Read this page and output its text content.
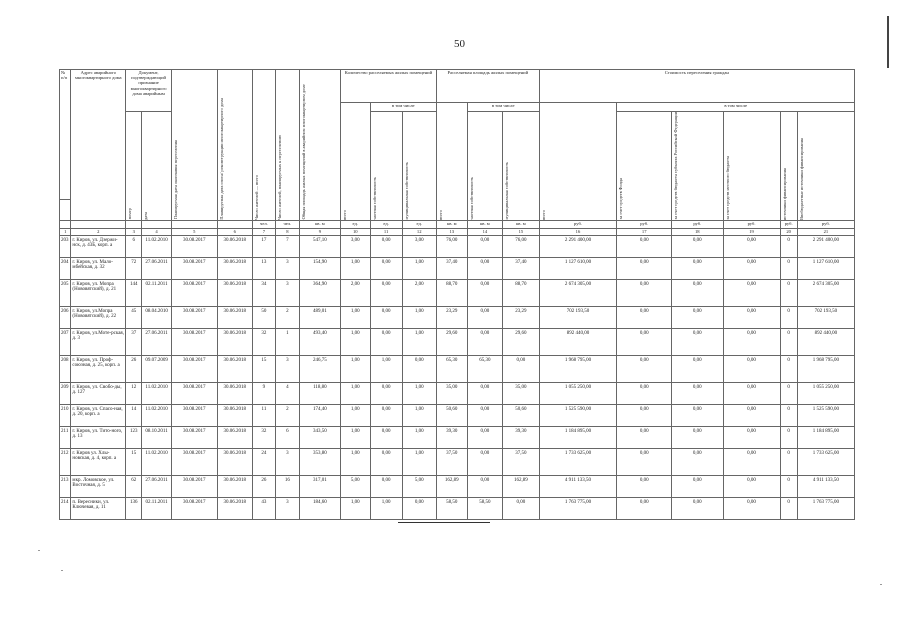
50
№ п/п	Адрес аварийного многоквартирного дома	Документ, подтверждающий признание многоквартирного дома аварийным		Планируемая дата окончания переселения	Планируемая дата сноса/ реконструкции многоквартирного дома	Число жителей — всего	Число жителей, планируемых к переселению	Общая площадь жилых помещений в аварийном многоквартирном доме	Количество расселяемых жилых помещений			Расселяемая площадь жилых помещений			Стоимость переселения граждан					

									всего	в том числе		всего	в том числе		всего	в том числе				

		номер	дата							частная собственность	муниципальная собственность		частная собственность	муниципальная собственность		за счет средств Фонда	за счет средств бюджета субъекта Российской Федерации	за счет средств местного бюджета	источники финансирования	Внебюджетные источники финансирования

						чел.	чел.	кв. м	ед.	ед.	ед.	кв. м	кв. м	кв. м	руб.	руб.	руб.	руб.	руб.	руб.
1	2	3	4	5	6	7	8	9	10	11	12	13	14	15	16	17	18	19	20	21
203	г. Киров, ул. Дзержи-нск, д. 43Б, корп. а	6	11.02.2010	30.08.2017	30.06.2018	17	7	547,10	3,00	0,00	3,00	76,00	0,00	76,00	2 291 400,00	0,00	0,00	0,00	0	2 291 400,00
204	г. Киров, ул. Мало-мбейская, д. 32	72	27.06.2011	30.08.2017	30.06.2018	13	3	154,90	1,00	0,00	1,00	37,40	0,00	37,40	1 127 610,00	0,00	0,00	0,00	0	1 127 610,00
205	г. Киров, ул. Мопра (Нововятский), д. 21	144	02.11.2011	30.08.2017	30.06.2018	34	3	364,90	2,00	0,00	2,00	88,70	0,00	88,70	2 674 305,00	0,00	0,00	0,00	0	2 674 305,00
206	г. Киров, ул.Мопра (Нововятский), д. 22	45	08.04.2010	30.08.2017	30.06.2018	50	2	489,01	1,00	0,00	1,00	23,29	0,00	23,29	702 193,50	0,00	0,00	0,00	0	702 193,50
207	г. Киров, ул.Моте-рская, д. 3	37	27.06.2011	30.08.2017	30.06.2018	32	1	493,40	1,00	0,00	1,00	29,60	0,00	29,60	892 440,00	0,00	0,00	0,00	0	892 440,00
208	г. Киров, ул. Проф-союзная, д. 25, корп. а	26	09.07.2009	30.08.2017	30.06.2018	15	3	246,75	1,00	1,00	0,00	65,30	65,30	0,00	1 968 795,00	0,00	0,00	0,00	0	1 968 795,00
209	г. Киров, ул. Свобо-ды, д. 127	12	11.02.2010	30.08.2017	30.06.2018	9	4	118,80	1,00	0,00	1,00	35,00	0,00	35,00	1 055 250,00	0,00	0,00	0,00	0	1 055 250,00
210	г. Киров, ул. Спасо-ная, д. 20, корп. а	14	11.02.2010	30.08.2017	30.06.2018	11	2	174,40	1,00	0,00	1,00	50,60	0,00	50,60	1 525 590,00	0,00	0,00	0,00	0	1 525 590,00
211	г. Киров, ул. Тито-ного, д. 13	123	08.10.2011	30.08.2017	30.06.2018	32	6	343,50	1,00	0,00	1,00	39,30	0,00	39,30	1 184 895,00	0,00	0,00	0,00	0	1 184 895,00
212	г. Киров ул. Хлы-новская, д. 4, корп. а	15	11.02.2010	30.08.2017	30.06.2018	24	3	353,80	1,00	0,00	1,00	37,50	0,00	37,50	1 733 625,00	0,00	0,00	0,00	0	1 733 625,00
213	мкр. Ломовское, ул. Восточная, д. 5	62	27.06.2011	30.08.2017	30.06.2018	26	16	317,01	5,00	0,00	5,00	162,89	0,00	162,89	4 911 133,50	0,00	0,00	0,00	0	4 911 133,50
214	п. Вересники, ул. Ключевая, д. 11	136	02.11.2011	30.08.2017	30.06.2018	43	3	184,60	1,00	1,00	0,00	58,50	58,50	0,00	1 763 775,00	0,00	0,00	0,00	0	1 763 775,00
